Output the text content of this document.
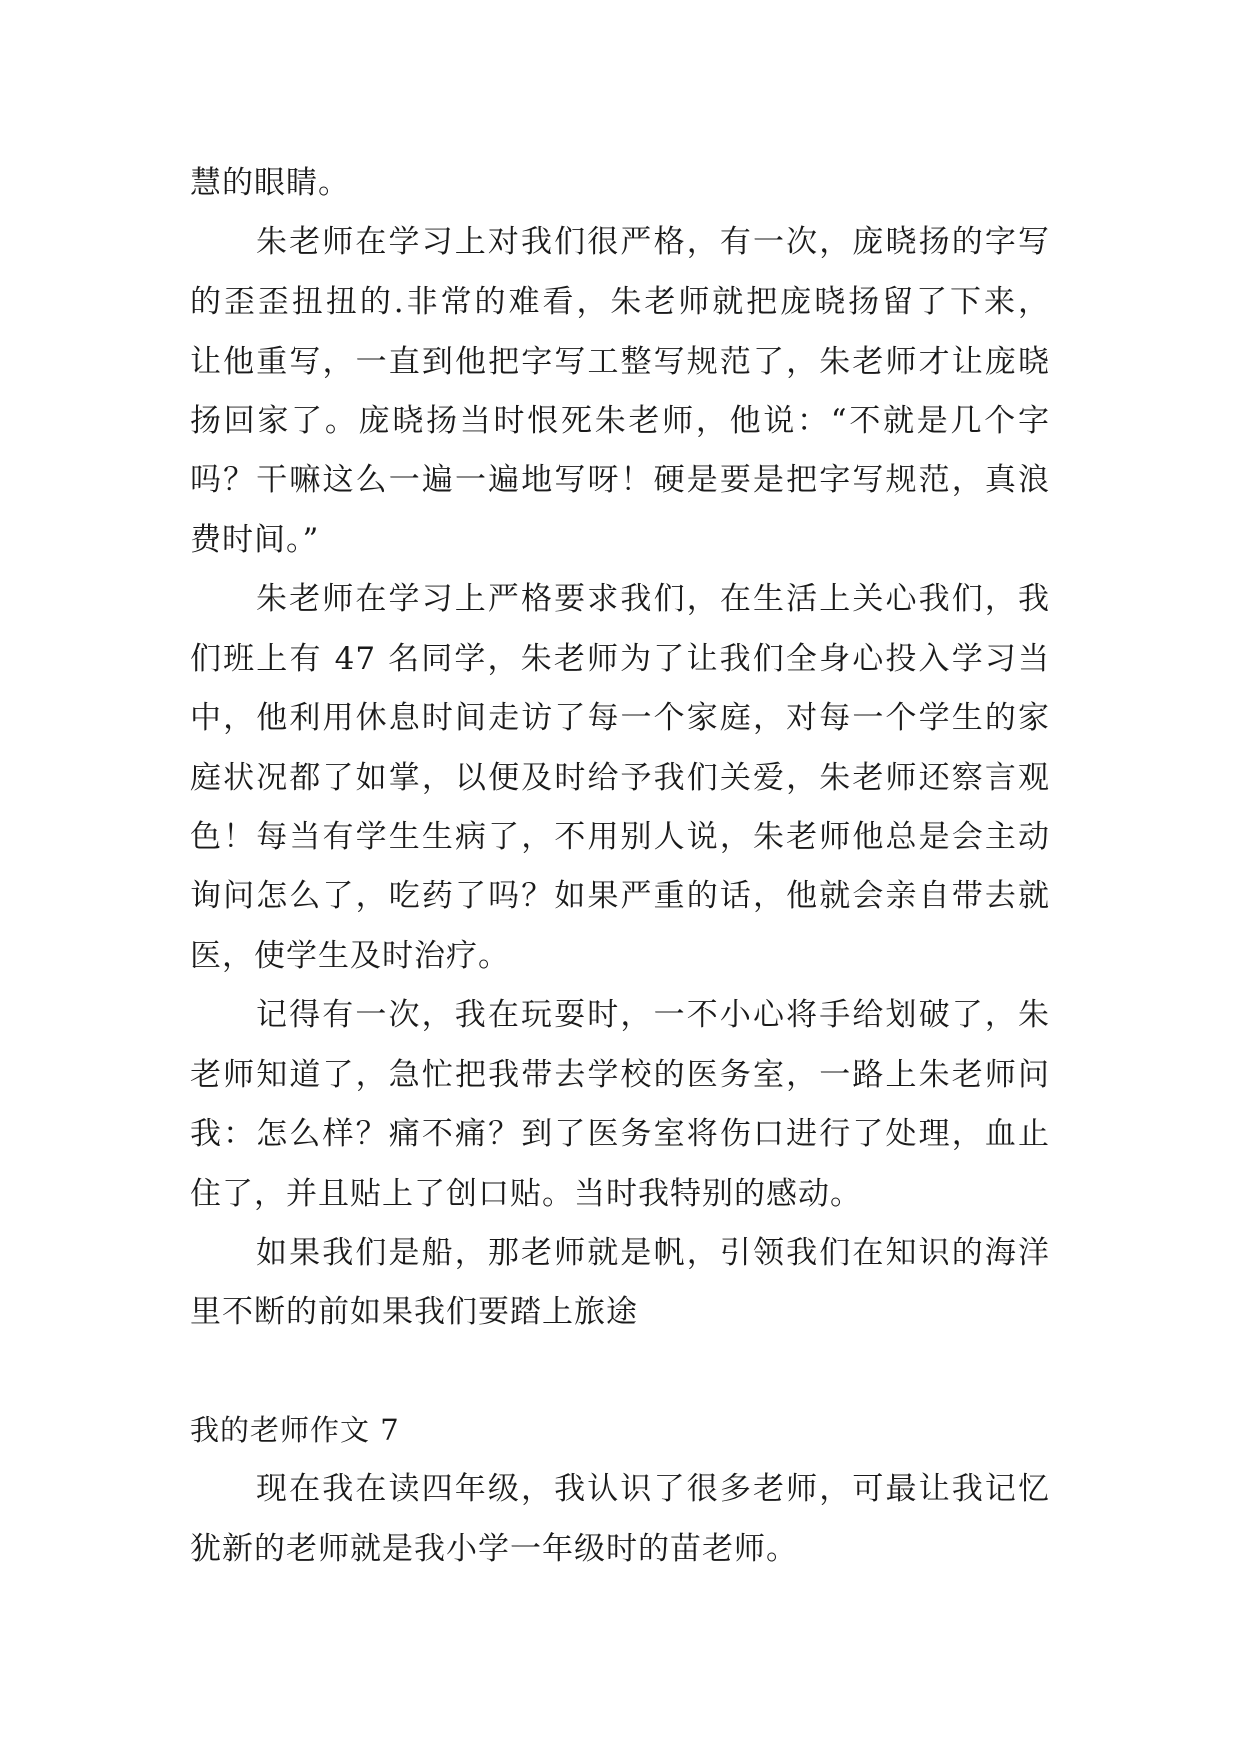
慧的眼睛。
朱老师在学习上对我们很严格，有一次，庞晓扬的字写
的歪歪扭扭的.非常的难看，朱老师就把庞晓扬留了下来，
让他重写，一直到他把字写工整写规范了，朱老师才让庞晓
扬回家了。庞晓扬当时恨死朱老师，他说：“不就是几个字
吗？干嘛这么一遍一遍地写呀！硬是要是把字写规范，真浪
费时间。”
朱老师在学习上严格要求我们，在生活上关心我们，我
们班上有 47 名同学，朱老师为了让我们全身心投入学习当
中，他利用休息时间走访了每一个家庭，对每一个学生的家
庭状况都了如掌，以便及时给予我们关爱，朱老师还察言观
色！每当有学生生病了，不用别人说，朱老师他总是会主动
询问怎么了，吃药了吗？如果严重的话，他就会亲自带去就
医，使学生及时治疗。
记得有一次，我在玩耍时，一不小心将手给划破了，朱
老师知道了，急忙把我带去学校的医务室，一路上朱老师问
我：怎么样？痛不痛？到了医务室将伤口进行了处理，血止
住了，并且贴上了创口贴。当时我特别的感动。
如果我们是船，那老师就是帆，引领我们在知识的海洋
里不断的前如果我们要踏上旅途
我的老师作文 7
现在我在读四年级，我认识了很多老师，可最让我记忆
犹新的老师就是我小学一年级时的苗老师。
